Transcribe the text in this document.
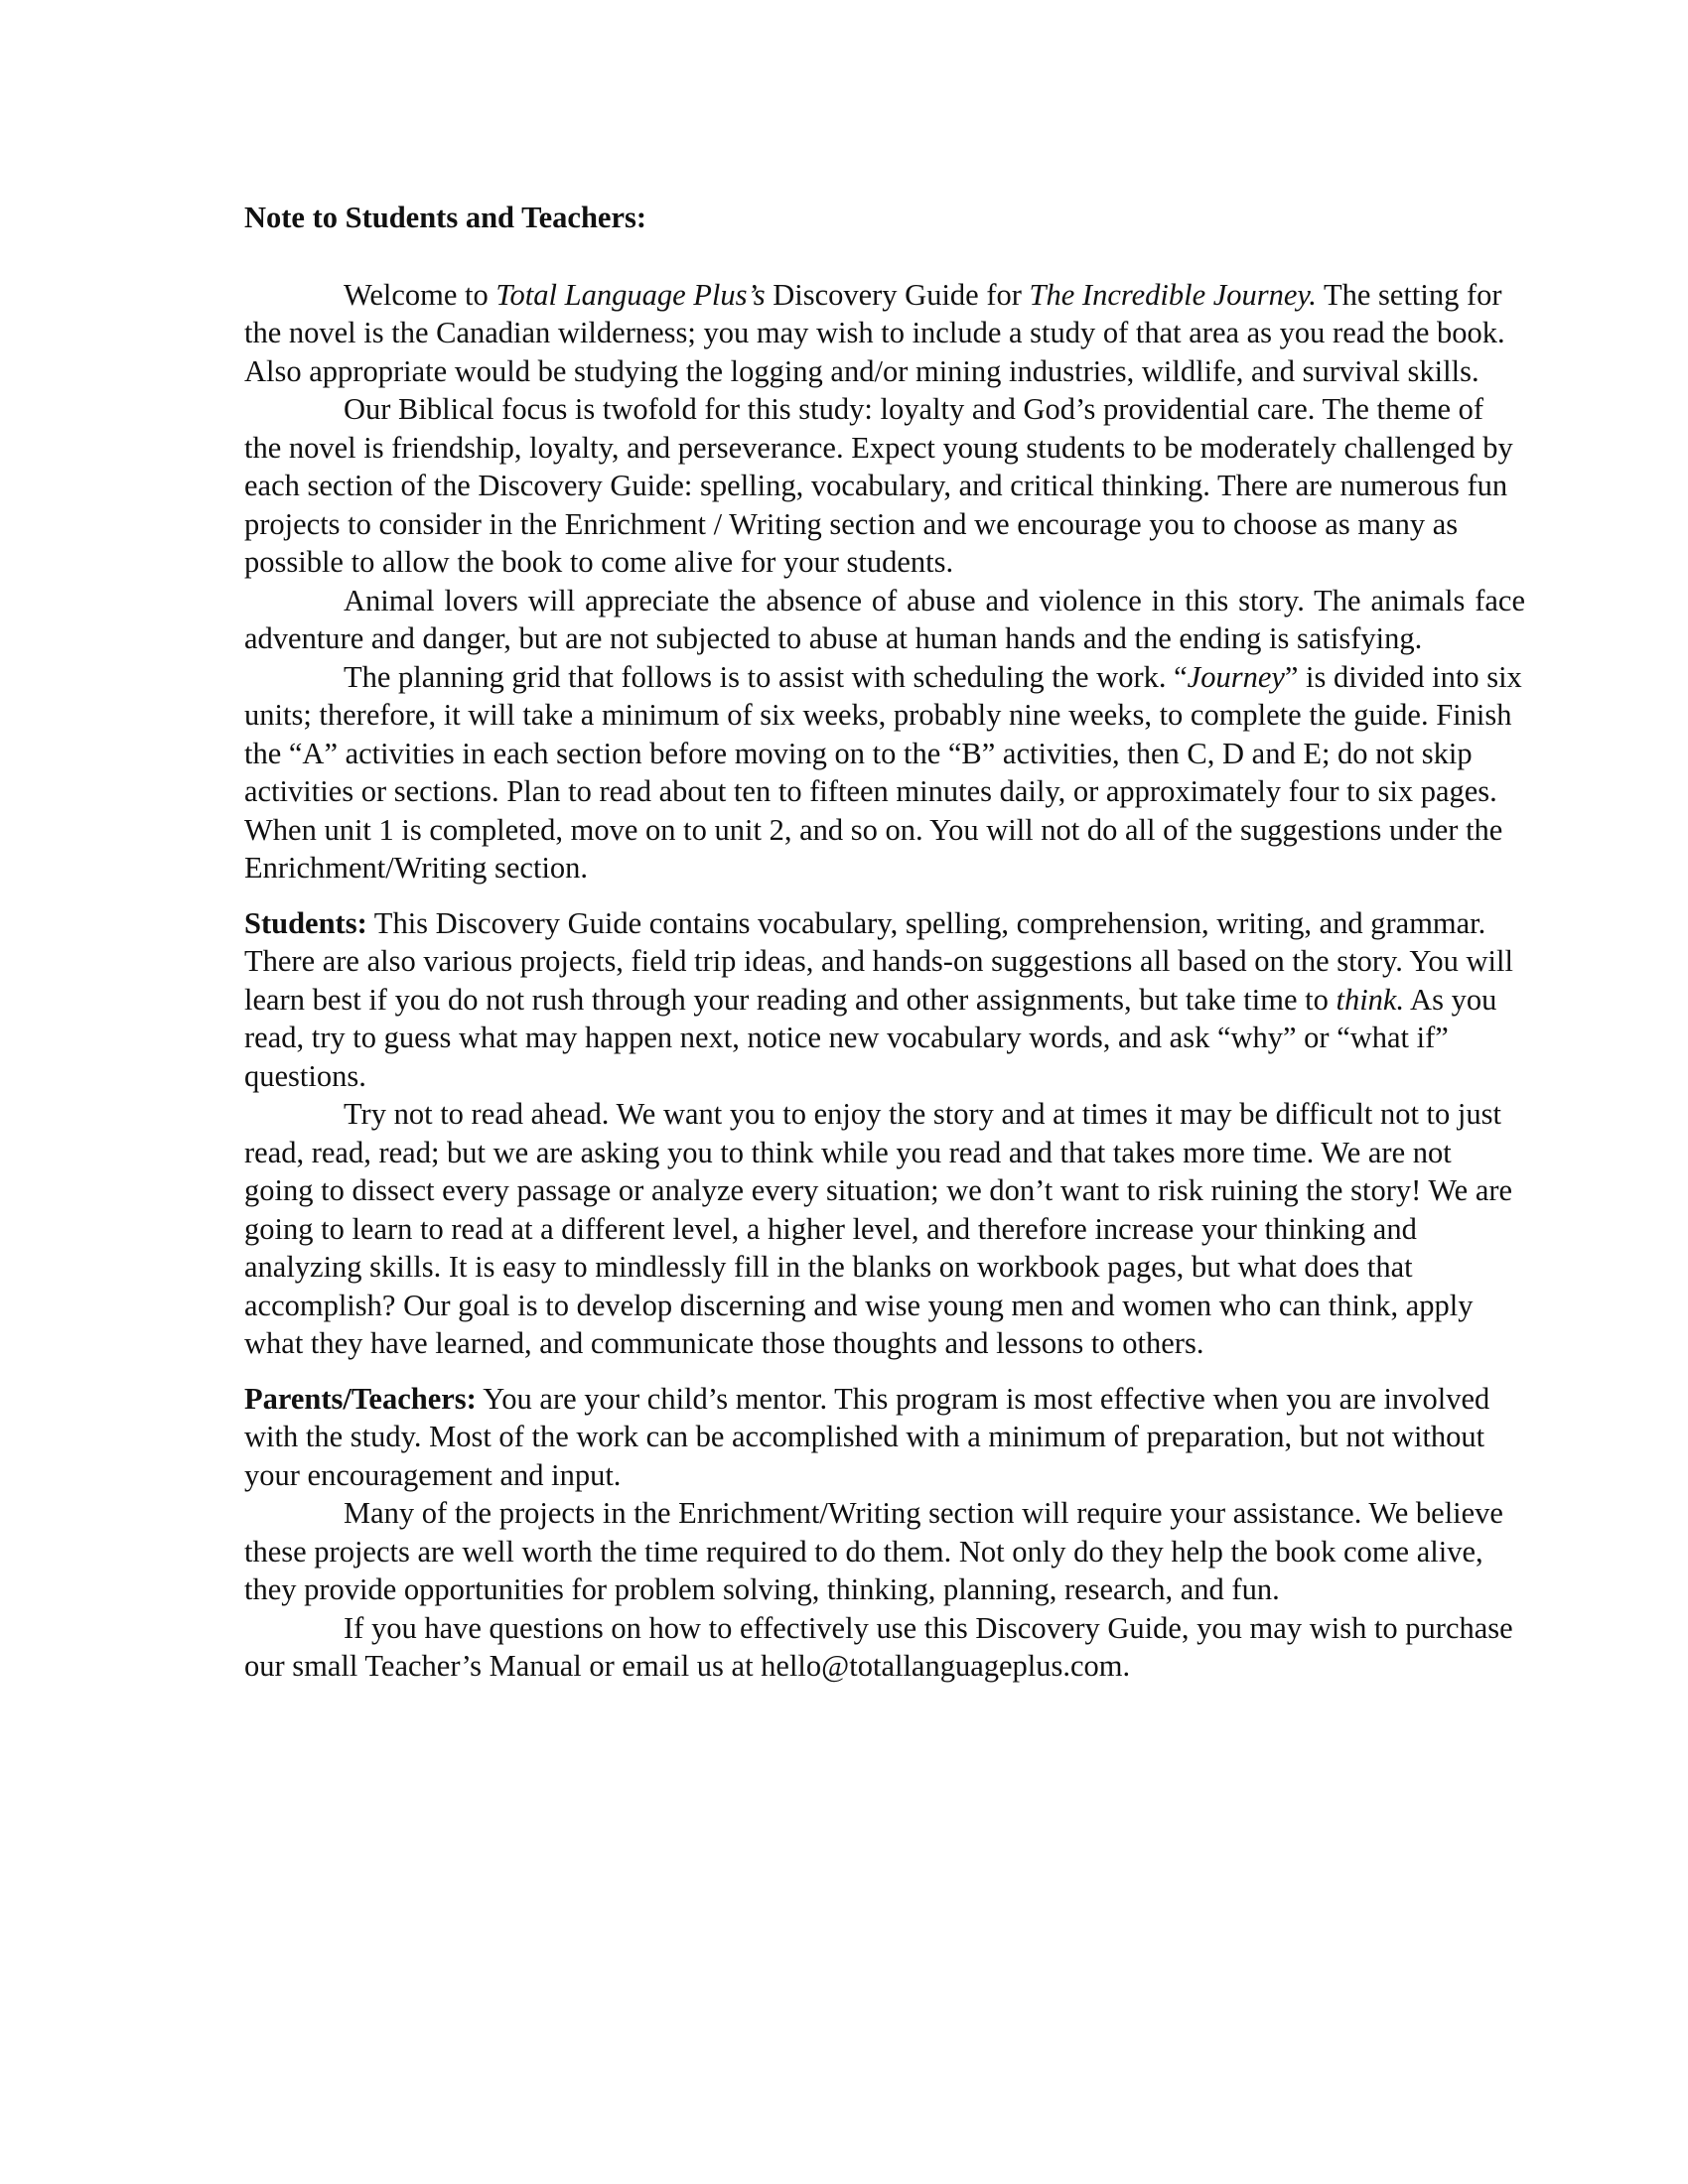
Note to Students and Teachers:

Welcome to Total Language Plus’s Discovery Guide for The Incredible Journey. The setting for the novel is the Canadian wilderness; you may wish to include a study of that area as you read the book. Also appropriate would be studying the logging and/or mining industries, wildlife, and survival skills.

Our Biblical focus is twofold for this study: loyalty and God’s providential care. The theme of the novel is friendship, loyalty, and perseverance. Expect young students to be moderately challenged by each section of the Discovery Guide: spelling, vocabulary, and critical thinking. There are numerous fun projects to consider in the Enrichment / Writing section and we encourage you to choose as many as possible to allow the book to come alive for your students.

Animal lovers will appreciate the absence of abuse and violence in this story. The animals face adventure and danger, but are not subjected to abuse at human hands and the ending is satisfying.

The planning grid that follows is to assist with scheduling the work. “Journey” is divided into six units; therefore, it will take a minimum of six weeks, probably nine weeks, to complete the guide. Finish the “A” activities in each section before moving on to the “B” activities, then C, D and E; do not skip activities or sections. Plan to read about ten to fifteen minutes daily, or approximately four to six pages. When unit 1 is completed, move on to unit 2, and so on. You will not do all of the suggestions under the Enrichment/Writing section.

Students: This Discovery Guide contains vocabulary, spelling, comprehension, writing, and grammar. There are also various projects, field trip ideas, and hands-on suggestions all based on the story. You will learn best if you do not rush through your reading and other assignments, but take time to think. As you read, try to guess what may happen next, notice new vocabulary words, and ask “why” or “what if” questions.

Try not to read ahead. We want you to enjoy the story and at times it may be difficult not to just read, read, read; but we are asking you to think while you read and that takes more time. We are not going to dissect every passage or analyze every situation; we don’t want to risk ruining the story! We are going to learn to read at a different level, a higher level, and therefore increase your thinking and analyzing skills. It is easy to mindlessly fill in the blanks on workbook pages, but what does that accomplish? Our goal is to develop discerning and wise young men and women who can think, apply what they have learned, and communicate those thoughts and lessons to others.

Parents/Teachers: You are your child’s mentor. This program is most effective when you are involved with the study. Most of the work can be accomplished with a minimum of preparation, but not without your encouragement and input.

Many of the projects in the Enrichment/Writing section will require your assistance. We believe these projects are well worth the time required to do them. Not only do they help the book come alive, they provide opportunities for problem solving, thinking, planning, research, and fun.

If you have questions on how to effectively use this Discovery Guide, you may wish to purchase our small Teacher’s Manual or email us at hello@totallanguageplus.com.
